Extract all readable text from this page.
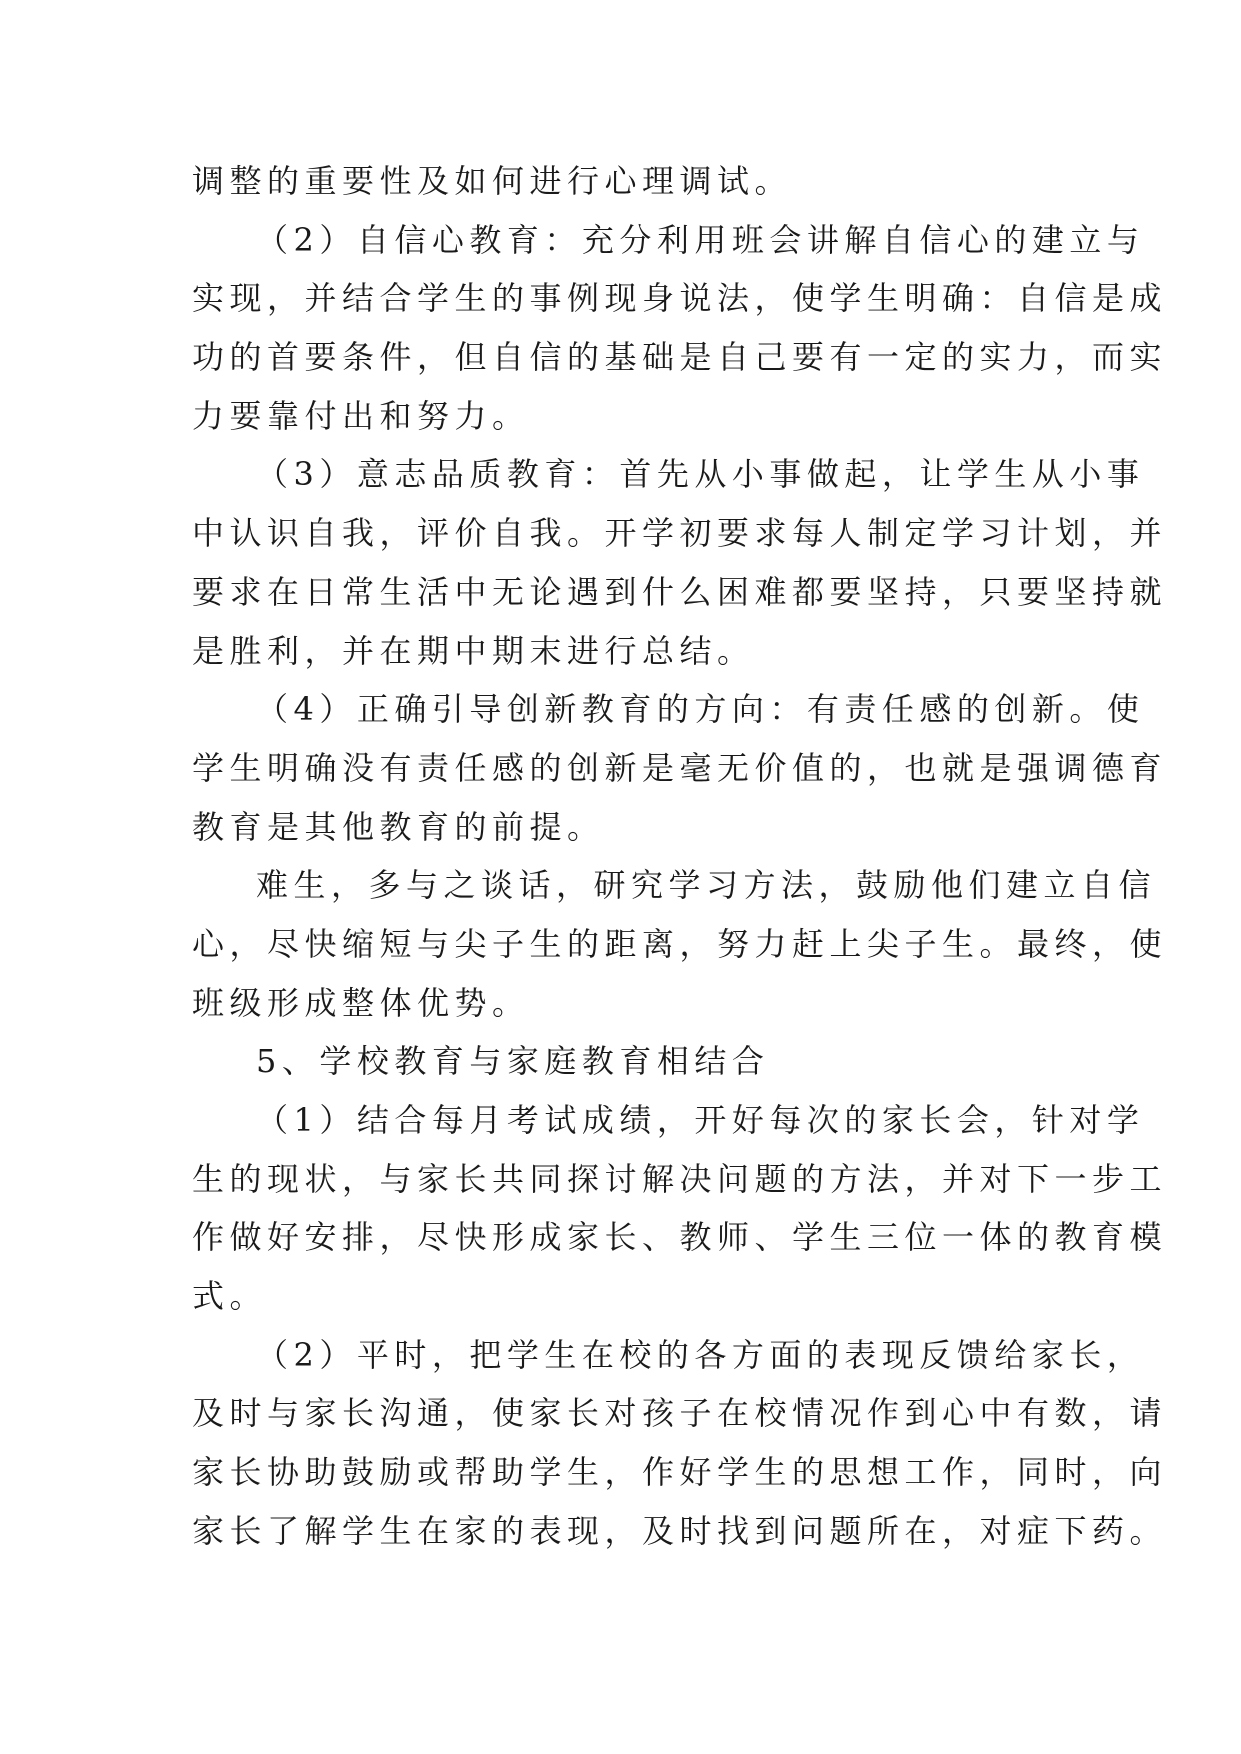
调整的重要性及如何进行心理调试。
（2）自信心教育：充分利用班会讲解自信心的建立与
实现，并结合学生的事例现身说法，使学生明确：自信是成
功的首要条件，但自信的基础是自己要有一定的实力，而实
力要靠付出和努力。
（3）意志品质教育：首先从小事做起，让学生从小事
中认识自我，评价自我。开学初要求每人制定学习计划，并
要求在日常生活中无论遇到什么困难都要坚持，只要坚持就
是胜利，并在期中期末进行总结。
（4）正确引导创新教育的方向：有责任感的创新。使
学生明确没有责任感的创新是毫无价值的，也就是强调德育
教育是其他教育的前提。
难生，多与之谈话，研究学习方法，鼓励他们建立自信
心，尽快缩短与尖子生的距离，努力赶上尖子生。最终，使
班级形成整体优势。
5、学校教育与家庭教育相结合
（1）结合每月考试成绩，开好每次的家长会，针对学
生的现状，与家长共同探讨解决问题的方法，并对下一步工
作做好安排，尽快形成家长、教师、学生三位一体的教育模
式。
（2）平时，把学生在校的各方面的表现反馈给家长，
及时与家长沟通，使家长对孩子在校情况作到心中有数，请
家长协助鼓励或帮助学生，作好学生的思想工作，同时，向
家长了解学生在家的表现，及时找到问题所在，对症下药。
